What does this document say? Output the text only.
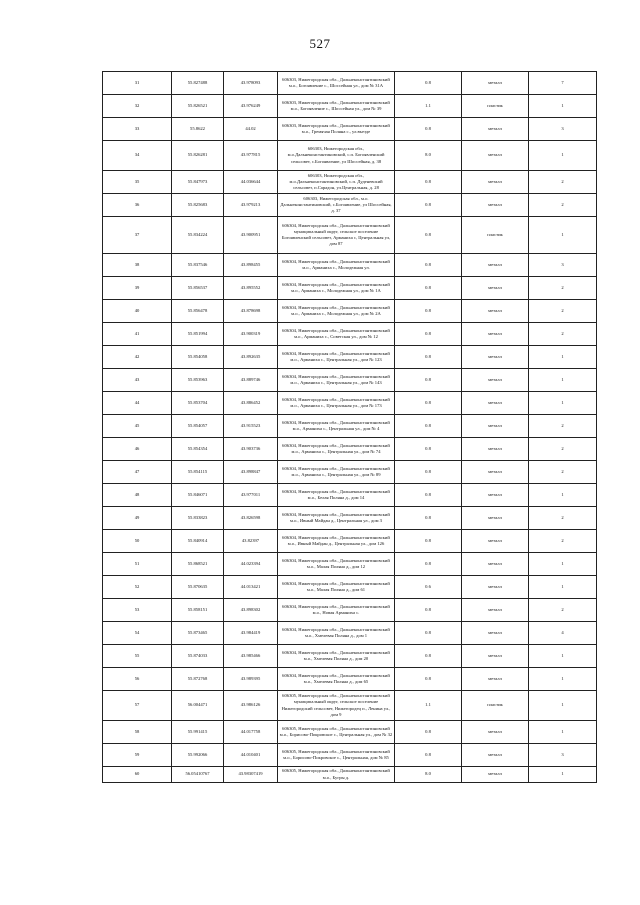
527
31	55.827488	43.978093	606303, Нижегородская обл., Дальнеконстантиновский м.о., Богоявление с., Шоссейная ул., дом № 31А	0.8	металл	7
32	55.826521	43.976249	606303, Нижегородская обл., Дальнеконстантиновский м.о., Богоявление с., Шоссейная ул., дом № 39	1.1	пластик	1
33	55.8622	44.02	606303, Нижегородская обл., Дальнеконстантиновский м.о., Гремячая Поляна с., ул.въезде	0.8	металл	3
34	55.826281	43.977815	606303, Нижегородская обл., м.о.Дальнеконстантиновский, с.п. Богоявленский сельсовет, с.Богоявление, ул Шоссейная, д. 38	8.0	металл	1
35	55.847973	44.036644	606303, Нижегородская обл., м.о.Дальнеконстантиновский, с.п. Дуденевский сельсовет, п.Сарадон, ул.Центральная, д. 28	0.8	металл	2
36	55.825683	43.979213	606303, Нижегородская обл., м.о. Дальнеконстантиновский, с.Богоявление, ул Шоссейная, д. 37	0.8	металл	2
37	55.834224	43.900951	606304, Нижегородская обл., Дальнеконстантиновский муниципальный округ, сельское поселение Богоявленский сельсовет, Арманиха с, Центральная ул, дом 87	0.8	пластик	1
38	55.837546	43.898455	606304, Нижегородская обл., Дальнеконстантиновский м.о., Арманиха с., Молодежная ул.	0.8	металл	3
39	55.856537	43.895552	606304, Нижегородская обл., Дальнеконстантиновский м.о., Арманиха с., Молодежная ул., дом № 1А	0.8	металл	2
40	55.856478	43.878698	606304, Нижегородская обл., Дальнеконстантиновский м.о., Арманиха с., Молодежная ул., дом № 2А	0.8	металл	2
41	55.851994	43.900319	606304, Нижегородская обл., Дальнеконстантиновский м.о., Арманиха с., Советская ул., дом № 12	0.8	металл	2
42	55.854058	43.892635	606304, Нижегородская обл., Дальнеконстантиновский м.о., Арманиха с., Центральная ул., дом № 123	0.8	металл	1
43	55.853963	43.889746	606304, Нижегородская обл., Дальнеконстантиновский м.о., Арманиха с., Центральная ул., дом № 143	0.8	металл	1
44	55.853704	43.886452	606304, Нижегородская обл., Дальнеконстантиновский м.о., Арманиха с., Центральная ул., дом № 173	0.8	металл	1
45	55.854057	43.915523	606304, Нижегородская обл., Дальнеконстантиновский м.о., Арманиха с., Центральная ул., дом № 4	0.8	металл	2
46	55.854354	43.903736	606304, Нижегородская обл., Дальнеконстантиновский м.о., Арманиха с., Центральная ул., дом № 74	0.8	металл	2
47	55.854115	43.898847	606304, Нижегородская обл., Дальнеконстантиновский м.о., Арманиха с., Центральная ул., дом № 89	0.8	металл	2
48	55.846071	43.977011	606304, Нижегородская обл., Дальнеконстантиновский м.о., Белая Поляна д., дом 14	0.8	металл	1
49	55.833823	43.826598	606304, Нижегородская обл., Дальнеконстантиновский м.о., Ивный Майдан д., Центральная ул., дом 3	0.8	металл	2
50	55.840914	43.82397	606304, Нижегородская обл., Дальнеконстантиновский м.о., Ивный Майдан д., Центральная ул., дом 126	0.8	металл	2
51	55.868521	44.023394	606304, Нижегородская обл., Дальнеконстантиновский м.о., Малая Поляна д., дом 12	0.8	металл	1
52	55.870635	44.013421	606304, Нижегородская обл., Дальнеконстантиновский м.о., Малая Поляна д., дом 61	0.6	металл	1
53	55.858151	43.898302	606304, Нижегородская обл., Дальнеконстантиновский м.о., Новая Арманиха с.	0.8	металл	2
54	55.873465	43.984419	606304, Нижегородская обл., Дальнеконстантиновский м.о., Хмелевая Поляна д., дом 1	0.8	металл	4
55	55.874033	43.985466	606304, Нижегородская обл., Дальнеконстантиновский м.о., Хмелевая Поляна д., дом 20	0.8	металл	1
56	55.872768	43.989395	606304, Нижегородская обл., Дальнеконстантиновский м.о., Хмелевая Поляна д., дом 65	0.8	металл	1
57	56.004471	43.986126	606305, Нижегородская обл., Дальнеконстантиновский муниципальный округ, сельское поселение Нижегородский сельсовет, Нижегородец п., Ленина ул., дом 9	1.1	пластик	1
58	55.991415	44.017758	606305, Нижегородская обл., Дальнеконстантиновский м.о., Борисово-Покровское с., Центральная ул., дом № 32	0.8	металл	1
59	55.992066	44.010401	606305, Нижегородская обл., Дальнеконстантиновский м.о., Борисово-Покровское с., Центральная, дом № 85	0.8	металл	3
60	56.05410767	43.98307419	606305, Нижегородская обл., Дальнеконстантиновский м.о., Бугры д.	8.0	металл	1
